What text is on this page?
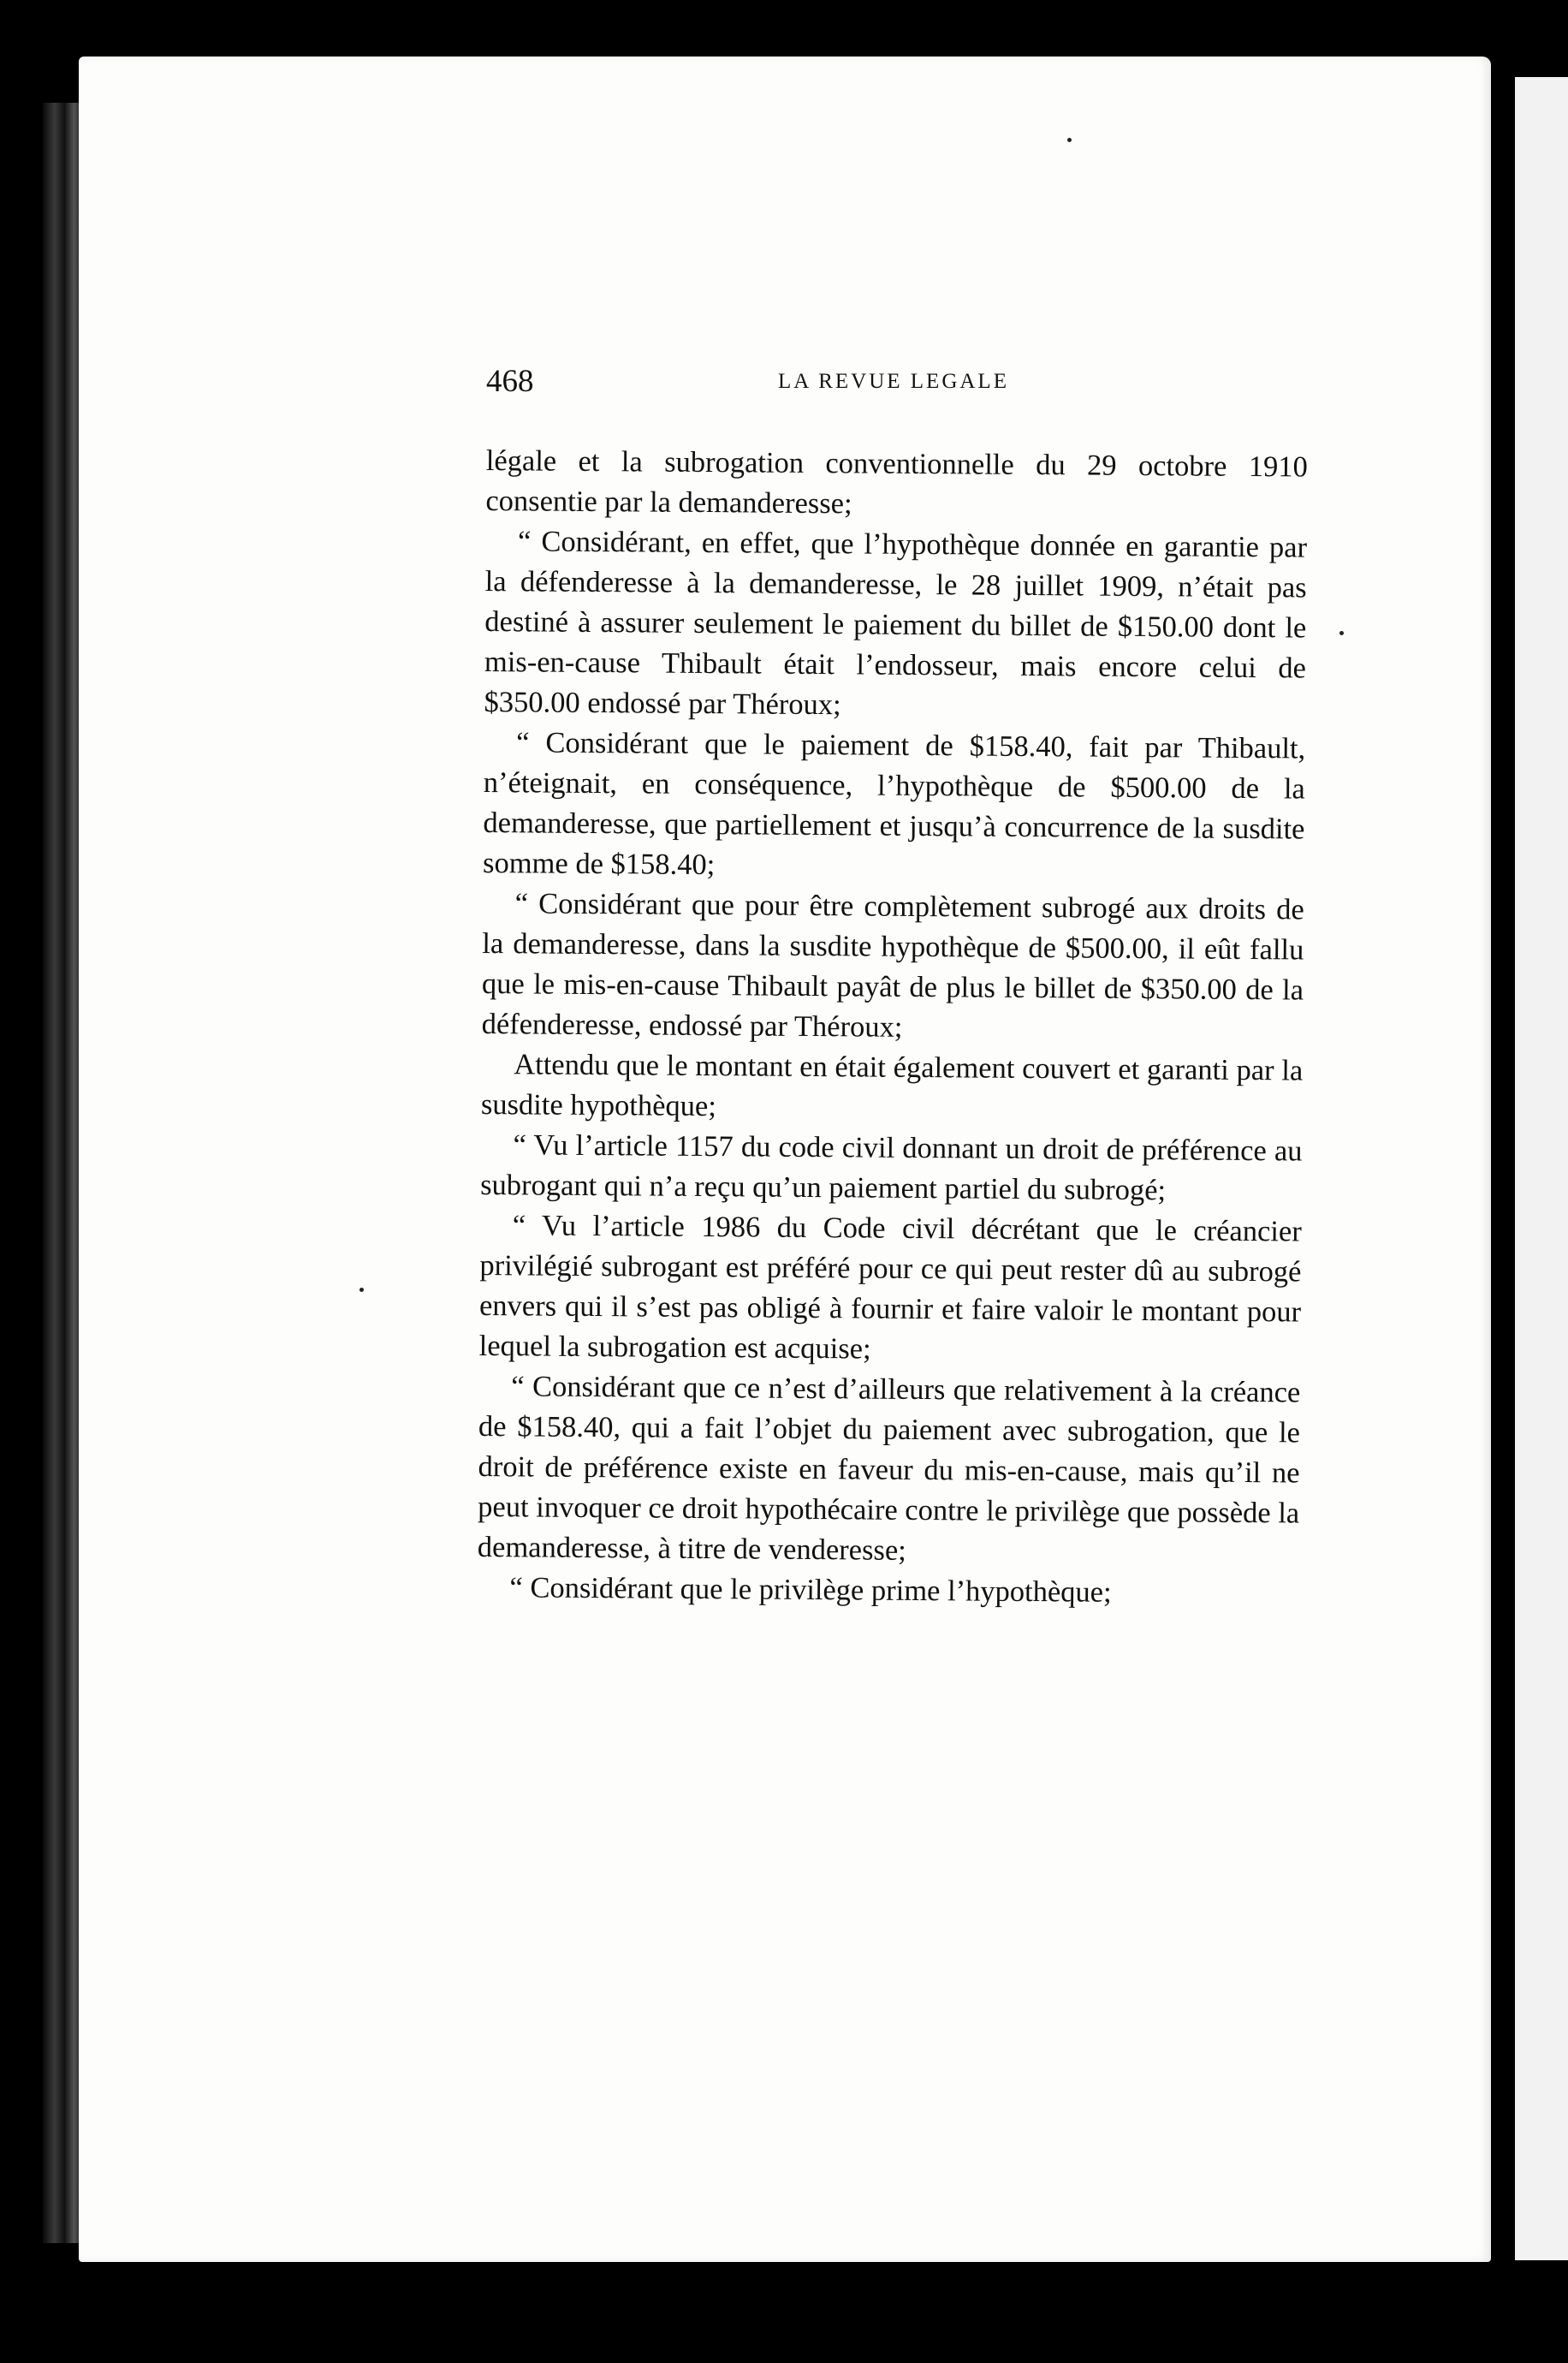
468	LA REVUE LEGALE

légale et la subrogation conventionnelle du 29 octobre 1910 consentie par la demanderesse;

“ Considérant, en effet, que l’hypothèque donnée en garantie par la défenderesse à la demanderesse, le 28 juillet 1909, n’était pas destiné à assurer seulement le paiement du billet de $150.00 dont le mis-en-cause Thibault était l’endosseur, mais encore celui de $350.00 endossé par Théroux;

“ Considérant que le paiement de $158.40, fait par Thibault, n’éteignait, en conséquence, l’hypothèque de $500.00 de la demanderesse, que partiellement et jusqu’à concurrence de la susdite somme de $158.40;

“ Considérant que pour être complètement subrogé aux droits de la demanderesse, dans la susdite hypothèque de $500.00, il eût fallu que le mis-en-cause Thibault payât de plus le billet de $350.00 de la défenderesse, endossé par Théroux;

Attendu que le montant en était également couvert et garanti par la susdite hypothèque;

“ Vu l’article 1157 du code civil donnant un droit de préférence au subrogant qui n’a reçu qu’un paiement partiel du subrogé;

“ Vu l’article 1986 du Code civil décrétant que le créancier privilégié subrogant est préféré pour ce qui peut rester dû au subrogé envers qui il s’est pas obligé à fournir et faire valoir le montant pour lequel la subrogation est acquise;

“ Considérant que ce n’est d’ailleurs que relativement à la créance de $158.40, qui a fait l’objet du paiement avec subrogation, que le droit de préférence existe en faveur du mis-en-cause, mais qu’il ne peut invoquer ce droit hypothécaire contre le privilège que possède la demanderesse, à titre de venderesse;

“ Considérant que le privilège prime l’hypothèque;
